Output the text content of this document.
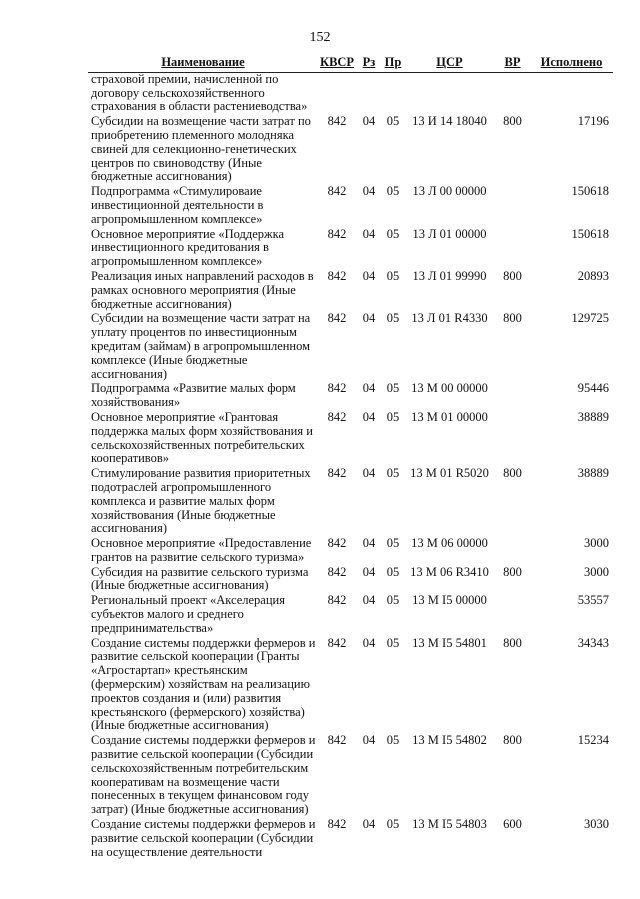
152
Наименование	КВСР	Рз	Пр	ЦСР	ВР	Исполнено
страховой премии, начисленной по договору сельскохозяйственного страхования в области растениеводства»						
Субсидии на возмещение части затрат по приобретению племенного молодняка свиней для селекционно-генетических центров по свиноводству (Иные бюджетные ассигнования)	842	04	05	13 И 14 18040	800	17196
Подпрограмма «Стимулироваие инвестиционной деятельности в агропромышленном комплексе»	842	04	05	13 Л 00 00000		150618
Основное мероприятие «Поддержка инвестиционного кредитования в агропромышленном комплексе»	842	04	05	13 Л 01 00000		150618
Реализация иных направлений расходов в рамках основного мероприятия (Иные бюджетные ассигнования)	842	04	05	13 Л 01 99990	800	20893
Субсидии на возмещение части затрат на уплату процентов по инвестиционным кредитам (займам) в агропромышленном комплексе (Иные бюджетные ассигнования)	842	04	05	13 Л 01 R4330	800	129725
Подпрограмма «Развитие малых форм хозяйствования»	842	04	05	13 М 00 00000		95446
Основное мероприятие «Грантовая поддержка малых форм хозяйствования и сельскохозяйственных потребительских кооперативов»	842	04	05	13 М 01 00000		38889
Стимулирование развития приоритетных подотраслей агропромышленного комплекса и развитие малых форм хозяйствования (Иные бюджетные ассигнования)	842	04	05	13 М 01 R5020	800	38889
Основное мероприятие «Предоставление грантов на развитие сельского туризма»	842	04	05	13 М 06 00000		3000
Субсидия на развитие сельского туризма (Иные бюджетные ассигнования)	842	04	05	13 М 06 R3410	800	3000
Региональный проект «Акселерация субъектов малого и среднего предпринимательства»	842	04	05	13 М I5 00000		53557
Создание системы поддержки фермеров и развитие сельской кооперации (Гранты «Агростартап» крестьянским (фермерским) хозяйствам на реализацию проектов создания и (или) развития крестьянского (фермерского) хозяйства) (Иные бюджетные ассигнования)	842	04	05	13 М I5 54801	800	34343
Создание системы поддержки фермеров и развитие сельской кооперации (Субсидии сельскохозяйственным потребительским кооперативам на возмещение части понесенных в текущем финансовом году затрат) (Иные бюджетные ассигнования)	842	04	05	13 М I5 54802	800	15234
Создание системы поддержки фермеров и развитие сельской кооперации (Субсидии на осуществление деятельности	842	04	05	13 М I5 54803	600	3030
